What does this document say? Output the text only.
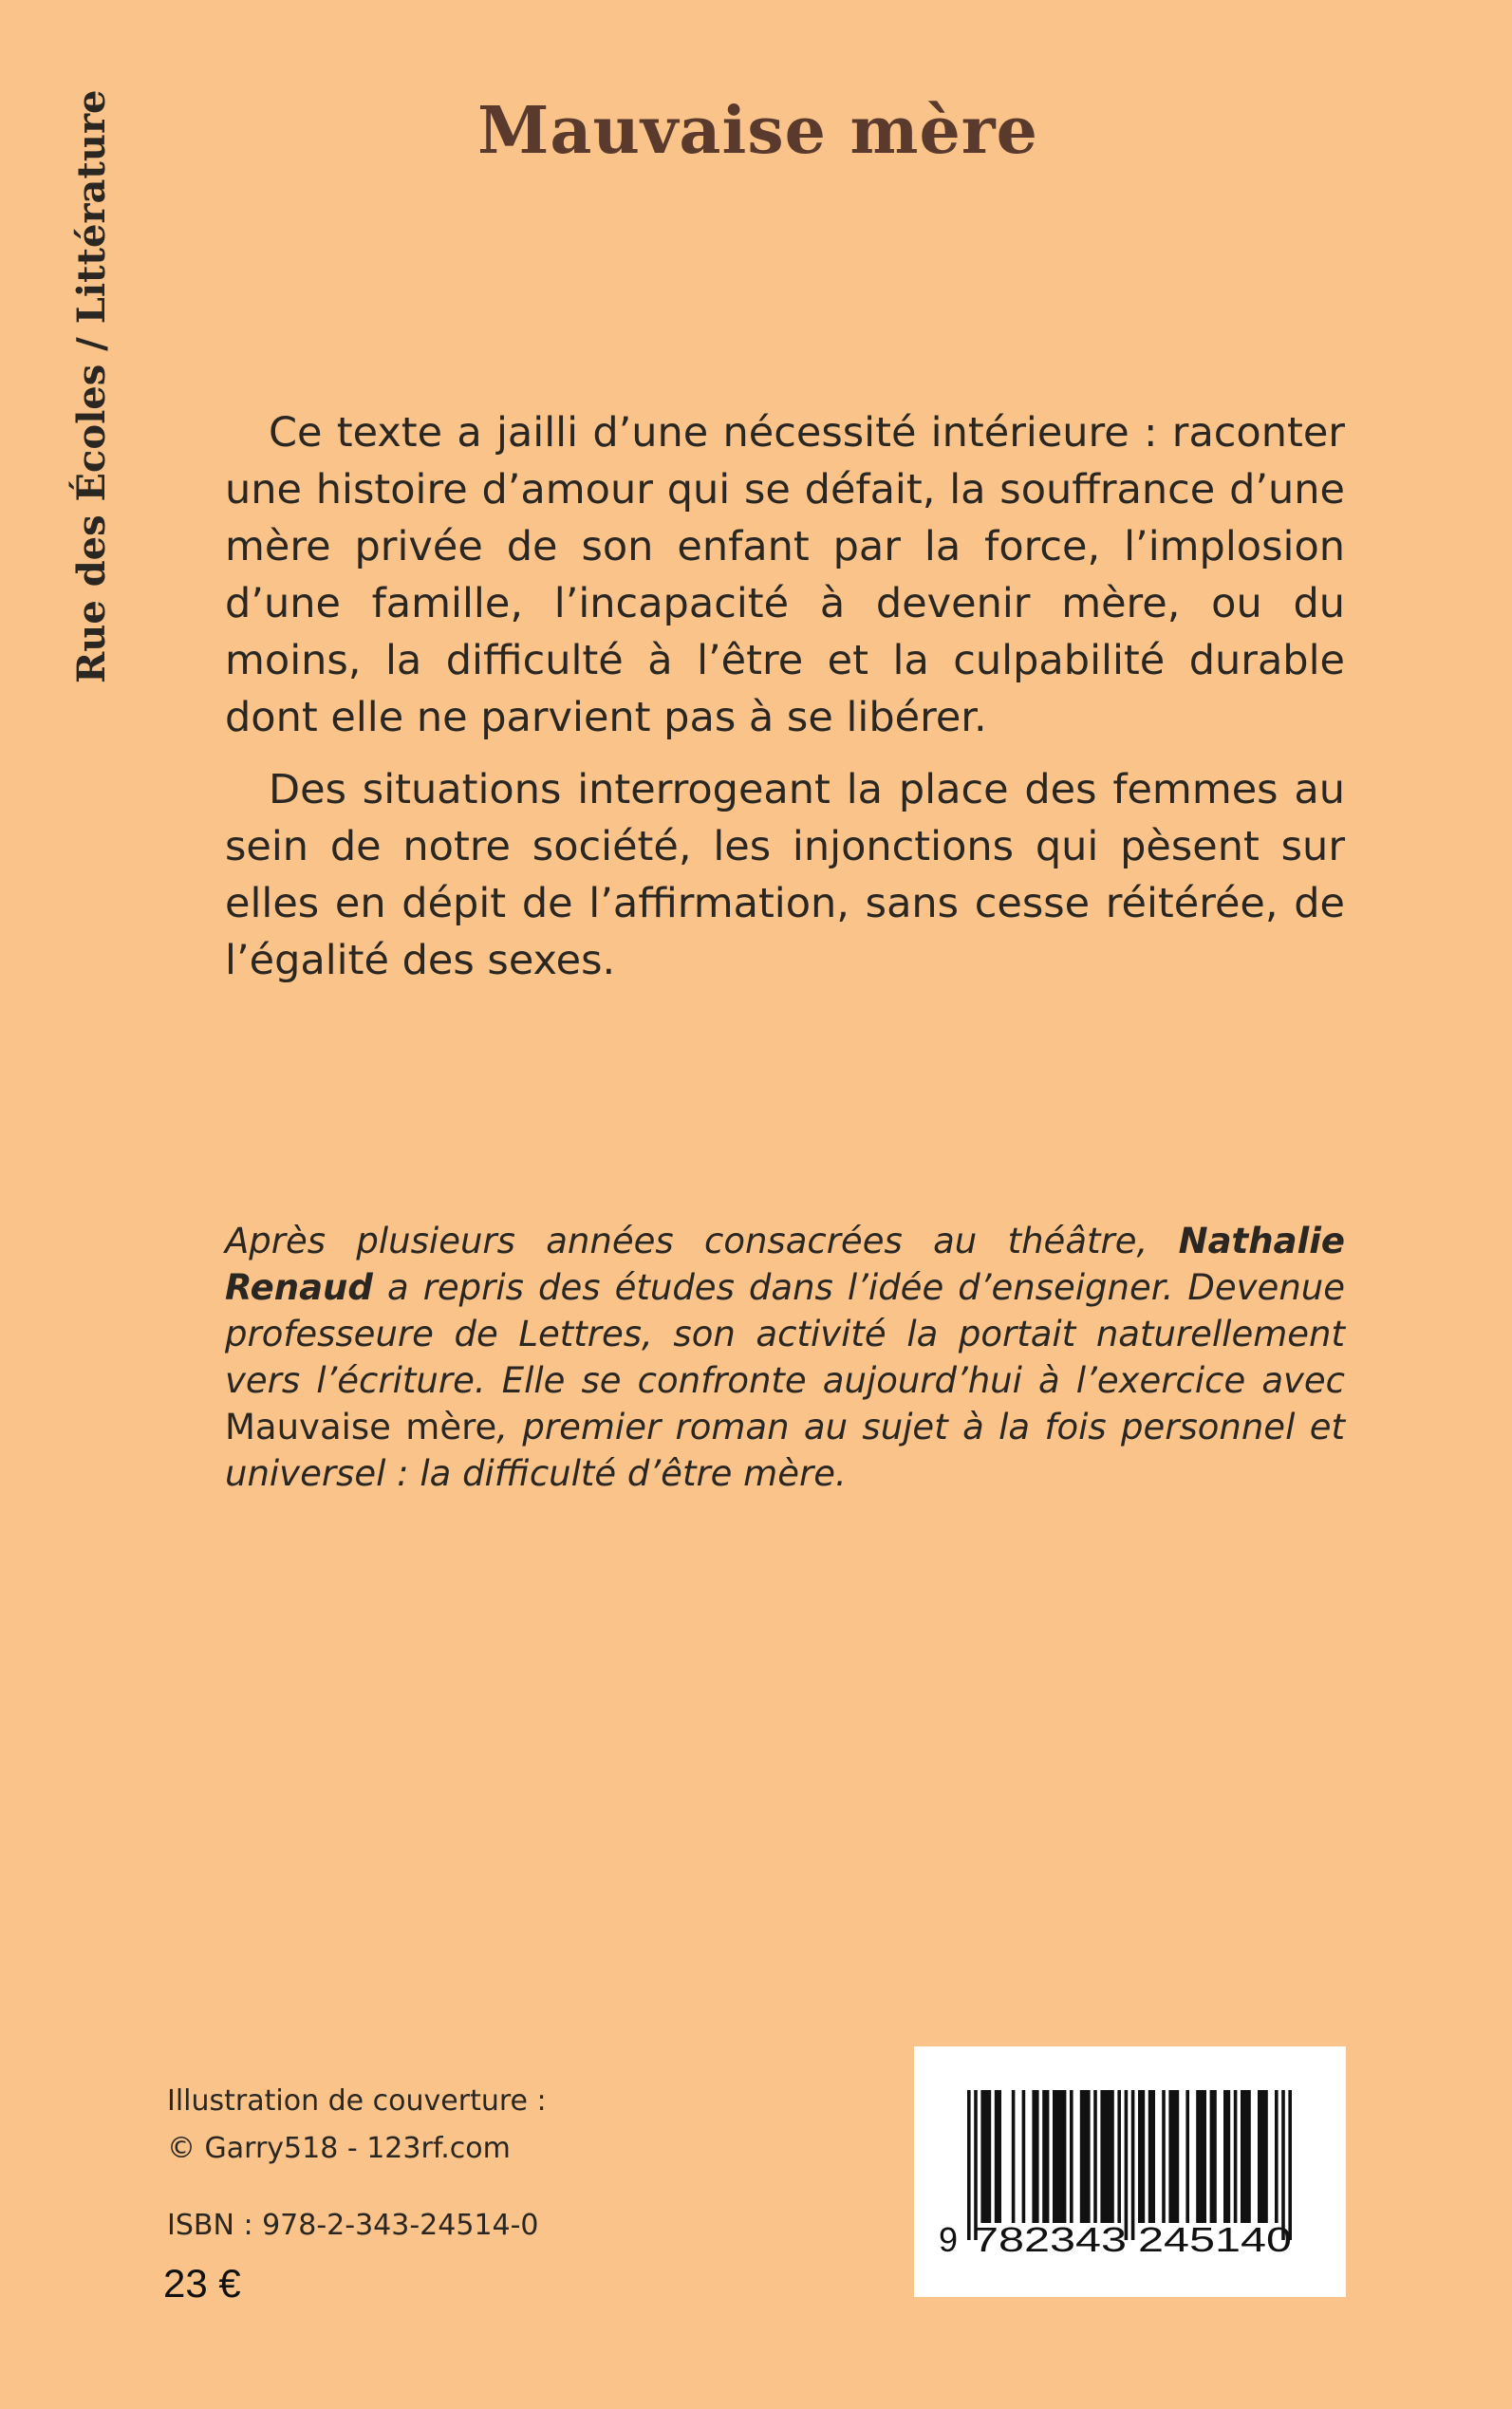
Rue des Écoles / Littérature	Mauvaise mère

Ce texte a jailli d’une nécessité intérieure : raconter une histoire d’amour qui se défait, la souffrance d’une mère privée de son enfant par la force, l’implosion d’une famille, l’incapacité à devenir mère, ou du moins, la difficulté à l’être et la culpabilité durable dont elle ne parvient pas à se libérer.

Des situations interrogeant la place des femmes au sein de notre société, les injonctions qui pèsent sur elles en dépit de l’affirmation, sans cesse réitérée, de l’égalité des sexes.

Après plusieurs années consacrées au théâtre, Nathalie Renaud a repris des études dans l’idée d’enseigner. Devenue professeure de Lettres, son activité la portait naturellement vers l’écriture. Elle se confronte aujourd’hui à l’exercice avec Mauvaise mère, premier roman au sujet à la fois personnel et universel : la difficulté d’être mère.
Illustration de couverture :
© Garry518 - 123rf.com
ISBN : 978-2-343-24514-0
23 €
9 782343 245140
